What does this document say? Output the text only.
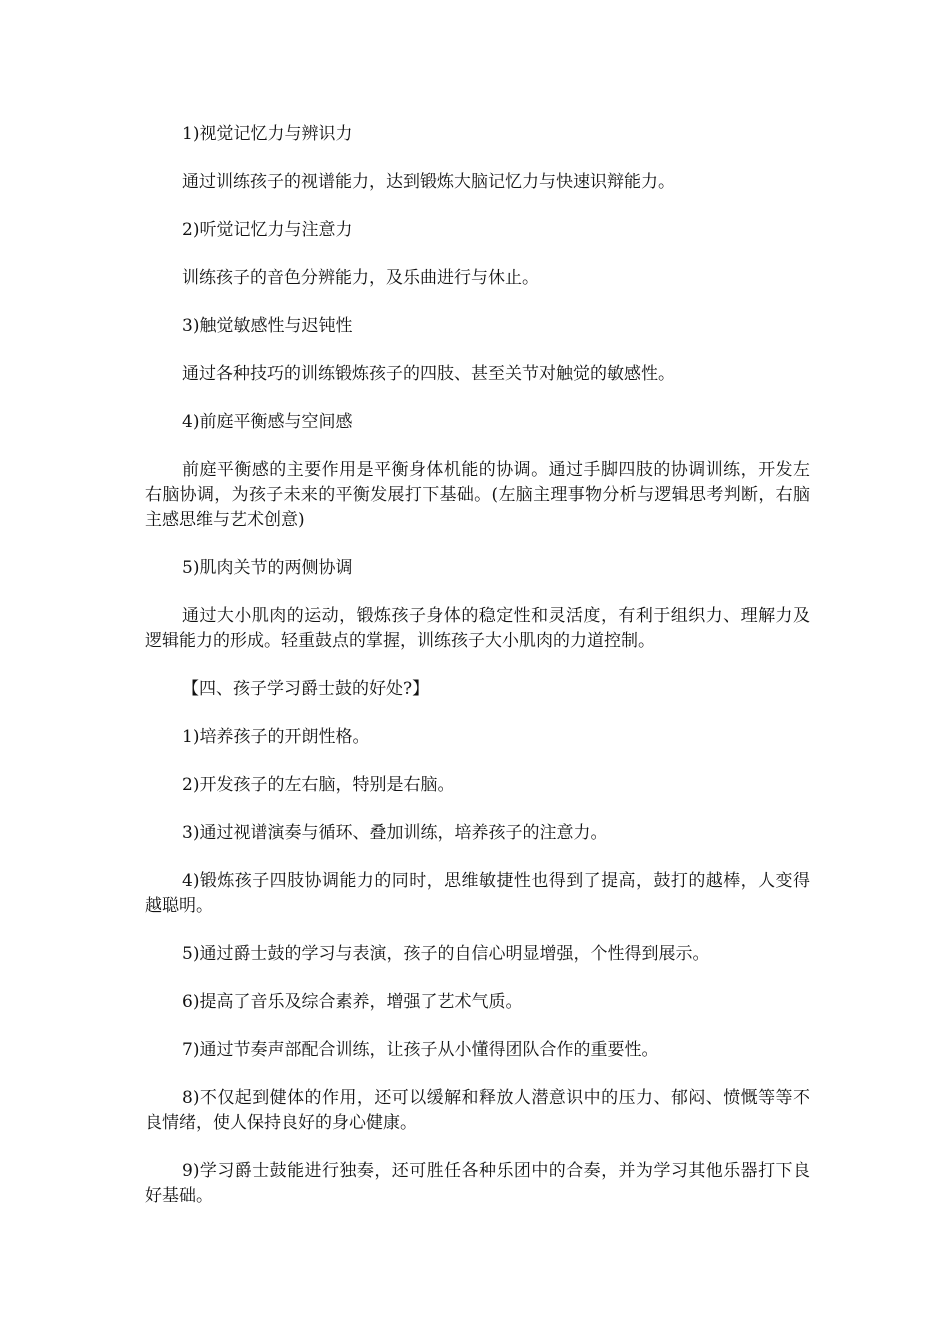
1)视觉记忆力与辨识力

通过训练孩子的视谱能力，达到锻炼大脑记忆力与快速识辩能力。

2)听觉记忆力与注意力

训练孩子的音色分辨能力，及乐曲进行与休止。

3)触觉敏感性与迟钝性

通过各种技巧的训练锻炼孩子的四肢、甚至关节对触觉的敏感性。

4)前庭平衡感与空间感

前庭平衡感的主要作用是平衡身体机能的协调。通过手脚四肢的协调训练，开发左右脑协调，为孩子未来的平衡发展打下基础。(左脑主理事物分析与逻辑思考判断，右脑主感思维与艺术创意)

5)肌肉关节的两侧协调

通过大小肌肉的运动，锻炼孩子身体的稳定性和灵活度，有利于组织力、理解力及逻辑能力的形成。轻重鼓点的掌握，训练孩子大小肌肉的力道控制。

【四、孩子学习爵士鼓的好处?】

1)培养孩子的开朗性格。

2)开发孩子的左右脑，特别是右脑。

3)通过视谱演奏与循环、叠加训练，培养孩子的注意力。

4)锻炼孩子四肢协调能力的同时，思维敏捷性也得到了提高，鼓打的越棒，人变得越聪明。

5)通过爵士鼓的学习与表演，孩子的自信心明显增强，个性得到展示。

6)提高了音乐及综合素养，增强了艺术气质。

7)通过节奏声部配合训练，让孩子从小懂得团队合作的重要性。

8)不仅起到健体的作用，还可以缓解和释放人潜意识中的压力、郁闷、愤慨等等不良情绪，使人保持良好的身心健康。

9)学习爵士鼓能进行独奏，还可胜任各种乐团中的合奏，并为学习其他乐器打下良好基础。
